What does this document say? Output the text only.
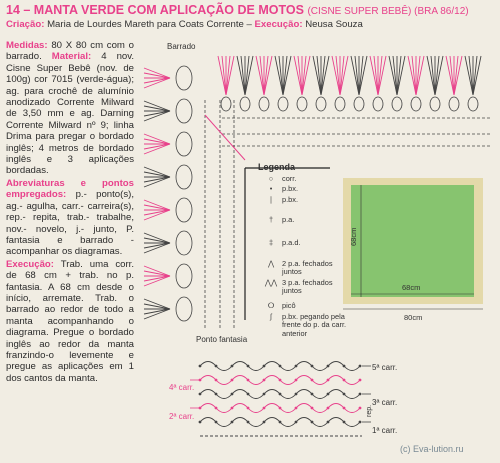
14 – MANTA VERDE COM APLICAÇÃO DE MOTOS (CISNE SUPER BEBÊ) (BRA 86/12)
Criação: Maria de Lourdes Mareth para Coats Corrente – Execução: Neusa Souza

Medidas: 80 X 80 cm com o barrado. Material: 4 nov. Cisne Super Bebê (nov. de 100g) cor 7015 (verde-água); ag. para crochê de alumínio anodizado Corrente Milward de 3,50 mm e ag. Darning Corrente Milward nº 9; linha Drima para pregar o bordado inglês; 4 metros de bordado inglês e 3 aplicações bordadas.

Abreviaturas e pontos empregados: p.- ponto(s), ag.- agulha, carr.- carreira(s), rep.- repita, trab.- trabalhe, nov.- novelo, j.- junto, P. fantasia e barrado - acompanhar os diagramas.

Execução: Trab. uma corr. de 68 cm + trab. no p. fantasia. A 68 cm desde o início, arremate. Trab. o barrado ao redor de todo a manta acompanhando o diagrama. Pregue o bordado inglês ao redor da manta franzindo-o levemente e pregue as aplicações em 1 dos cantos da manta.

Barrado
Ponto fantasia
5ª carr.
4ª carr.
3ª carr.
2ª carr.
1ª carr.
rep.
Legenda
○	corr.
•	p.bx.
∣	p.bx.
†	p.a.
‡	p.a.d.
⋀	2 p.a. fechados juntos
⋀⋀ 3 p.a. fechados juntos
ⵔ	picô
ʃ	p.bx. pegando pela frente do p. da carr. anterior
68cm
68cm
80cm
(c) Eva-lution.ru
